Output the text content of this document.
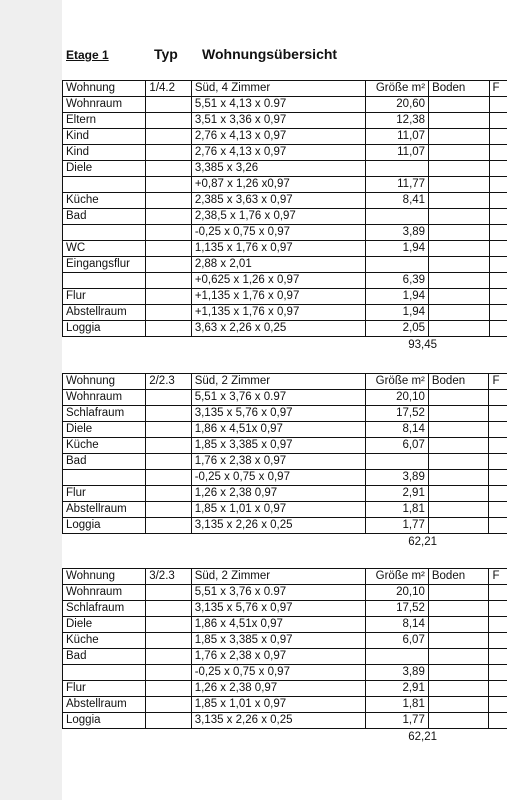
Etage 1	Typ Wohnungsübersicht
Wohnung	1/4.2	Süd, 4 Zimmer	Größe m²	Boden	F
Wohnraum		5,51 x 4,13 x 0.97	20,60		
Eltern		3,51 x 3,36 x 0,97	12,38		
Kind		2,76 x 4,13 x 0,97	11,07		
Kind		2,76 x 4,13 x 0,97	11,07		
Diele		3,385 x 3,26			
		+0,87 x 1,26 x0,97	11,77		
Küche		2,385 x 3,63 x 0,97	8,41		
Bad		2,38,5 x 1,76 x 0,97			
		-0,25 x 0,75 x 0,97	3,89		
WC		1,135 x 1,76 x 0,97	1,94		
Eingangsflur		2,88 x 2,01			
		+0,625 x 1,26 x 0,97	6,39		
Flur		+1,135 x 1,76 x 0,97	1,94		
Abstellraum		+1,135 x 1,76 x 0,97	1,94		
Loggia		3,63 x 2,26 x 0,25	2,05		
93,45
Wohnung	2/2.3	Süd, 2 Zimmer	Größe m²	Boden	F
Wohnraum		5,51 x 3,76 x 0.97	20,10		
Schlafraum		3,135 x 5,76 x 0,97	17,52		
Diele		1,86 x 4,51x 0,97	8,14		
Küche		1,85 x 3,385 x 0,97	6,07		
Bad		1,76 x 2,38 x 0,97			
		-0,25 x 0,75 x 0,97	3,89		
Flur		1,26 x 2,38 0,97	2,91		
Abstellraum		1,85 x 1,01 x 0,97	1,81		
Loggia		3,135 x 2,26 x 0,25	1,77		
62,21
Wohnung	3/2.3	Süd, 2 Zimmer	Größe m²	Boden	F
Wohnraum		5,51 x 3,76 x 0.97	20,10		
Schlafraum		3,135 x 5,76 x 0,97	17,52		
Diele		1,86 x 4,51x 0,97	8,14		
Küche		1,85 x 3,385 x 0,97	6,07		
Bad		1,76 x 2,38 x 0,97			
		-0,25 x 0,75 x 0,97	3,89		
Flur		1,26 x 2,38 0,97	2,91		
Abstellraum		1,85 x 1,01 x 0,97	1,81		
Loggia		3,135 x 2,26 x 0,25	1,77		
62,21
